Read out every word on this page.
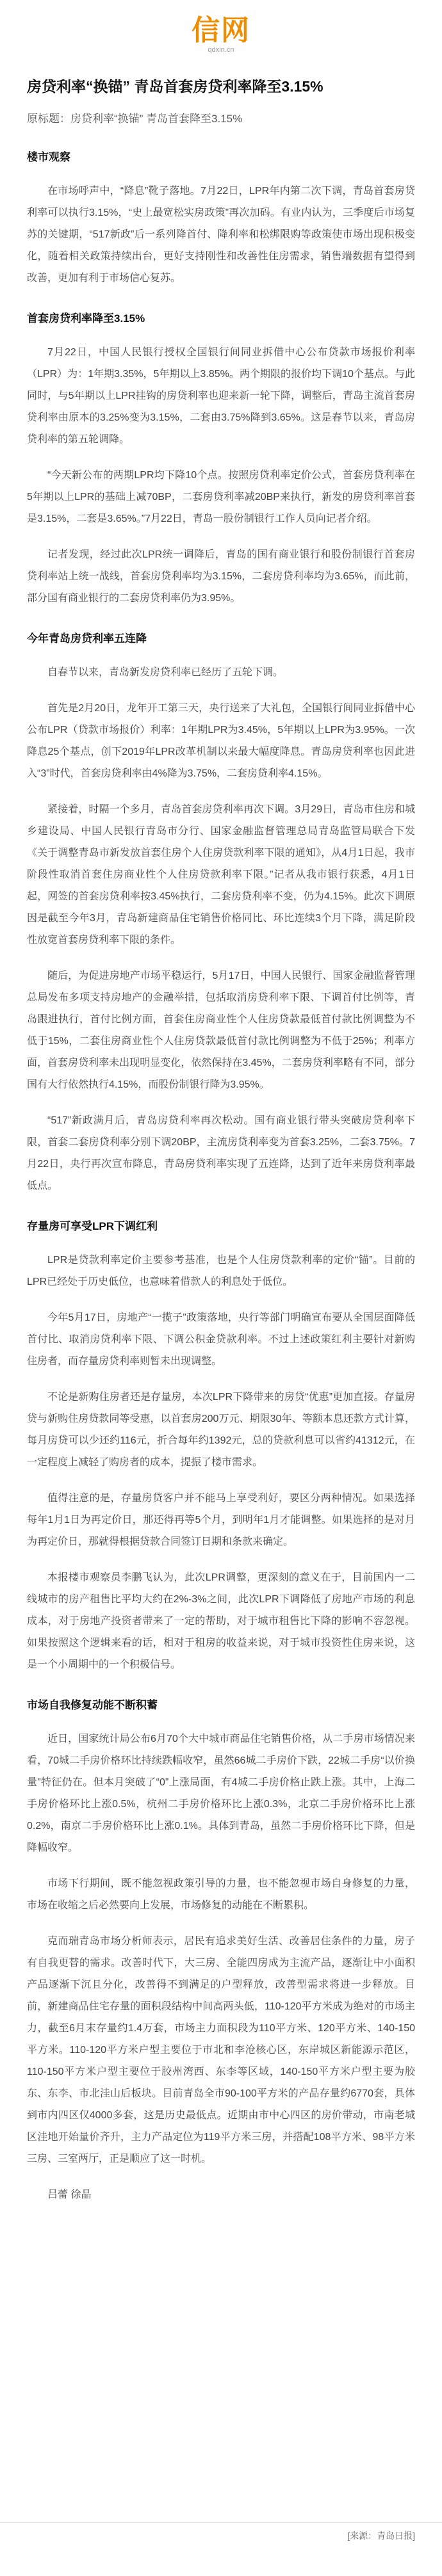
信网
qdxin.cn
房贷利率“换锚” 青岛首套房贷利率降至3.15%
原标题：房贷利率“换锚” 青岛首套降至3.15%
楼市观察

在市场呼声中，“降息”靴子落地。7月22日，LPR年内第二次下调，青岛首套房贷利率可以执行3.15%，“史上最宽松实房政策”再次加码。有业内认为，三季度后市场复苏的关键期，“517新政”后一系列降首付、降利率和松绑限购等政策使市场出现积极变化，随着相关政策持续出台，更好支持刚性和改善性住房需求，销售端数据有望得到改善，更加有利于市场信心复苏。

首套房贷利率降至3.15%

7月22日，中国人民银行授权全国银行间同业拆借中心公布贷款市场报价利率（LPR）为：1年期3.35%，5年期以上3.85%。两个期限的报价均下调10个基点。与此同时，与5年期以上LPR挂钩的房贷利率也迎来新一轮下降，调整后，青岛主流首套房贷利率由原本的3.25%变为3.15%，二套由3.75%降到3.65%。这是春节以来，青岛房贷利率的第五轮调降。

“今天新公布的两期LPR均下降10个点。按照房贷利率定价公式，首套房贷利率在5年期以上LPR的基础上减70BP，二套房贷利率减20BP来执行，新发的房贷利率首套是3.15%，二套是3.65%。”7月22日，青岛一股份制银行工作人员向记者介绍。

记者发现，经过此次LPR统一调降后，青岛的国有商业银行和股份制银行首套房贷利率站上统一战线，首套房贷利率均为3.15%，二套房贷利率均为3.65%，而此前，部分国有商业银行的二套房贷利率仍为3.95%。

今年青岛房贷利率五连降

自春节以来，青岛新发房贷利率已经历了五轮下调。

首先是2月20日，龙年开工第三天，央行送来了大礼包，全国银行间同业拆借中心公布LPR（贷款市场报价）利率：1年期LPR为3.45%，5年期以上LPR为3.95%。一次降息25个基点，创下2019年LPR改革机制以来最大幅度降息。青岛房贷利率也因此进入“3”时代，首套房贷利率由4%降为3.75%，二套房贷利率4.15%。

紧接着，时隔一个多月，青岛首套房贷利率再次下调。3月29日，青岛市住房和城乡建设局、中国人民银行青岛市分行、国家金融监督管理总局青岛监管局联合下发《关于调整青岛市新发放首套住房个人住房贷款利率下限的通知》，从4月1日起，我市阶段性取消首套住房商业性个人住房贷款利率下限。”记者从我市银行获悉，4月1日起，网签的首套房贷利率按3.45%执行，二套房贷利率不变，仍为4.15%。此次下调原因是截至今年3月，青岛新建商品住宅销售价格同比、环比连续3个月下降，满足阶段性放宽首套房贷利率下限的条件。

随后，为促进房地产市场平稳运行，5月17日，中国人民银行、国家金融监督管理总局发布多项支持房地产的金融举措，包括取消房贷利率下限、下调首付比例等，青岛跟进执行，首付比例方面，首套住房商业性个人住房贷款最低首付款比例调整为不低于15%，二套住房商业性个人住房贷款最低首付款比例调整为不低于25%；利率方面，首套房贷利率未出现明显变化，依然保持在3.45%，二套房贷利率略有不同，部分国有大行依然执行4.15%，而股份制银行降为3.95%。

“517”新政满月后，青岛房贷利率再次松动。国有商业银行带头突破房贷利率下限，首套二套房贷利率分别下调20BP，主流房贷利率变为首套3.25%，二套3.75%。7月22日，央行再次宣布降息，青岛房贷利率实现了五连降，达到了近年来房贷利率最低点。

存量房可享受LPR下调红利

LPR是贷款利率定价主要参考基准，也是个人住房贷款利率的定价“锚”。目前的LPR已经处于历史低位，也意味着借款人的利息处于低位。

今年5月17日，房地产“一揽子”政策落地，央行等部门明确宣布要从全国层面降低首付比、取消房贷利率下限、下调公积金贷款利率。不过上述政策红利主要针对新购住房者，而存量房贷利率则暂未出现调整。

不论是新购住房者还是存量房，本次LPR下降带来的房贷“优惠”更加直接。存量房贷与新购住房贷款同等受惠，以首套房200万元、期限30年、等额本息还款方式计算，每月房贷可以少还约116元，折合每年约1392元，总的贷款利息可以省约41312元，在一定程度上减轻了购房者的成本，提振了楼市需求。

值得注意的是，存量房贷客户并不能马上享受利好，要区分两种情况。如果选择每年1月1日为再定价日，那还得再等5个月，到明年1月才能调整。如果选择的是对月为再定价日，那就得根据贷款合同签订日期和条款来确定。

本报楼市观察员李鹏飞认为，此次LPR调整，更深刻的意义在于，目前国内一二线城市的房产租售比平均大约在2%-3%之间，此次LPR下调降低了房地产市场的利息成本，对于房地产投资者带来了一定的帮助，对于城市租售比下降的影响不容忽视。如果按照这个逻辑来看的话，相对于租房的收益来说，对于城市投资性住房来说，这是一个小周期中的一个积极信号。

市场自我修复动能不断积蓄

近日，国家统计局公布6月70个大中城市商品住宅销售价格，从二手房市场情况来看，70城二手房价格环比持续跌幅收窄，虽然66城二手房价下跌，22城二手房“以价换量”特征仍在。但本月突破了“0”上涨局面，有4城二手房价格止跌上涨。其中，上海二手房价格环比上涨0.5%，杭州二手房价格环比上涨0.3%，北京二手房价格环比上涨0.2%，南京二手房价格环比上涨0.1%。具体到青岛，虽然二手房价格环比下降，但是降幅收窄。

市场下行期间，既不能忽视政策引导的力量，也不能忽视市场自身修复的力量，市场在收缩之后必然要向上发展，市场修复的动能在不断累积。

克而瑞青岛市场分析师表示，居民有追求美好生活、改善居住条件的力量，房子有自我更替的需求。改善时代下，大三房、全能四房成为主流产品，逐渐让中小面积产品逐渐下沉且分化，改善得不到满足的户型释放，改善型需求将进一步释放。目前，新建商品住宅存量的面积段结构中间高两头低，110-120平方米成为绝对的市场主力，截至6月末存量约1.4万套，市场主力面积段为110平方米、120平方米、140-150平方米。110-120平方米户型主要位于市北和李沧核心区，东岸城区新能源示范区，110-150平方米户型主要位于胶州湾西、东李等区域，140-150平方米户型主要为胶东、东李、市北洼山后板块。目前青岛全市90-100平方米的产品存量约6770套，具体到市内四区仅4000多套，这是历史最低点。近期由市中心四区的房价带动，市南老城区洼地开始量价齐升，主力产品定位为119平方米三房，并搭配108平方米、98平方米三房、三室两厅，正是顺应了这一时机。

吕蕾 徐晶
[来源：青岛日报]
